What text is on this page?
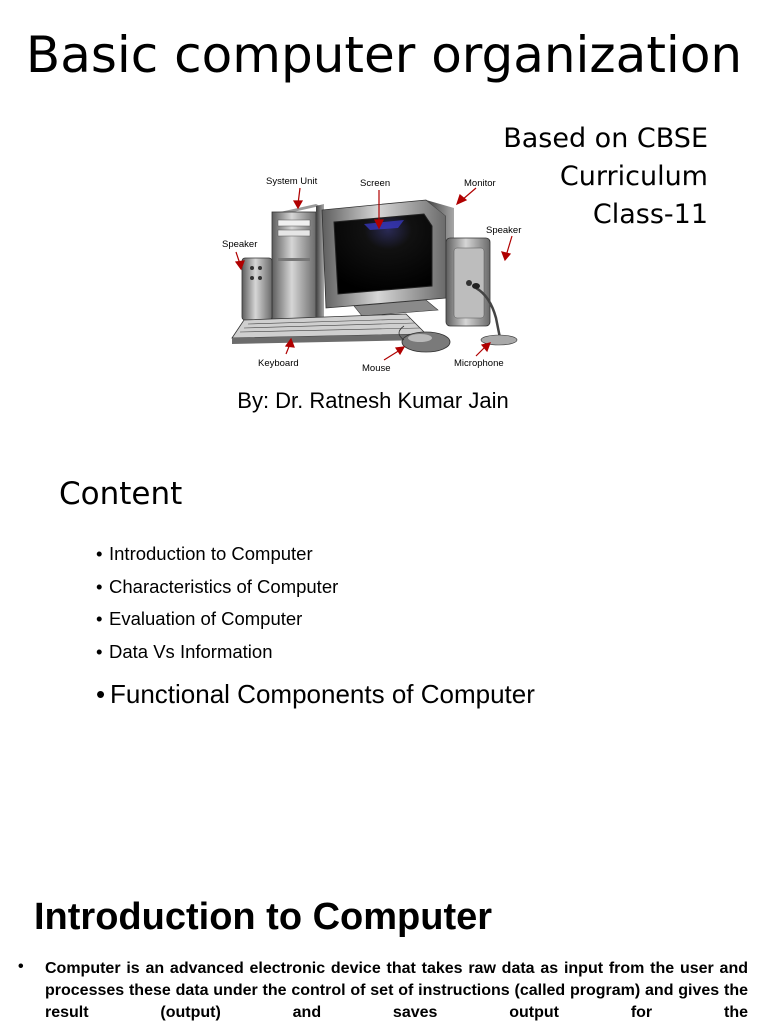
Basic computer organization
Based on CBSE
Curriculum
Class-11
System Unit	Screen	Monitor
Speaker
Speaker
Keyboard	Mouse	Microphone
By: Dr. Ratnesh Kumar Jain
Content
• Introduction to Computer
• Characteristics of Computer
• Evaluation of Computer
• Data Vs Information
• Functional Components of Computer
Introduction to Computer
• Computer is an advanced electronic device that takes raw data as input from the user and processes these data under the control of set of instructions (called program) and gives the result (output) and saves output for the
